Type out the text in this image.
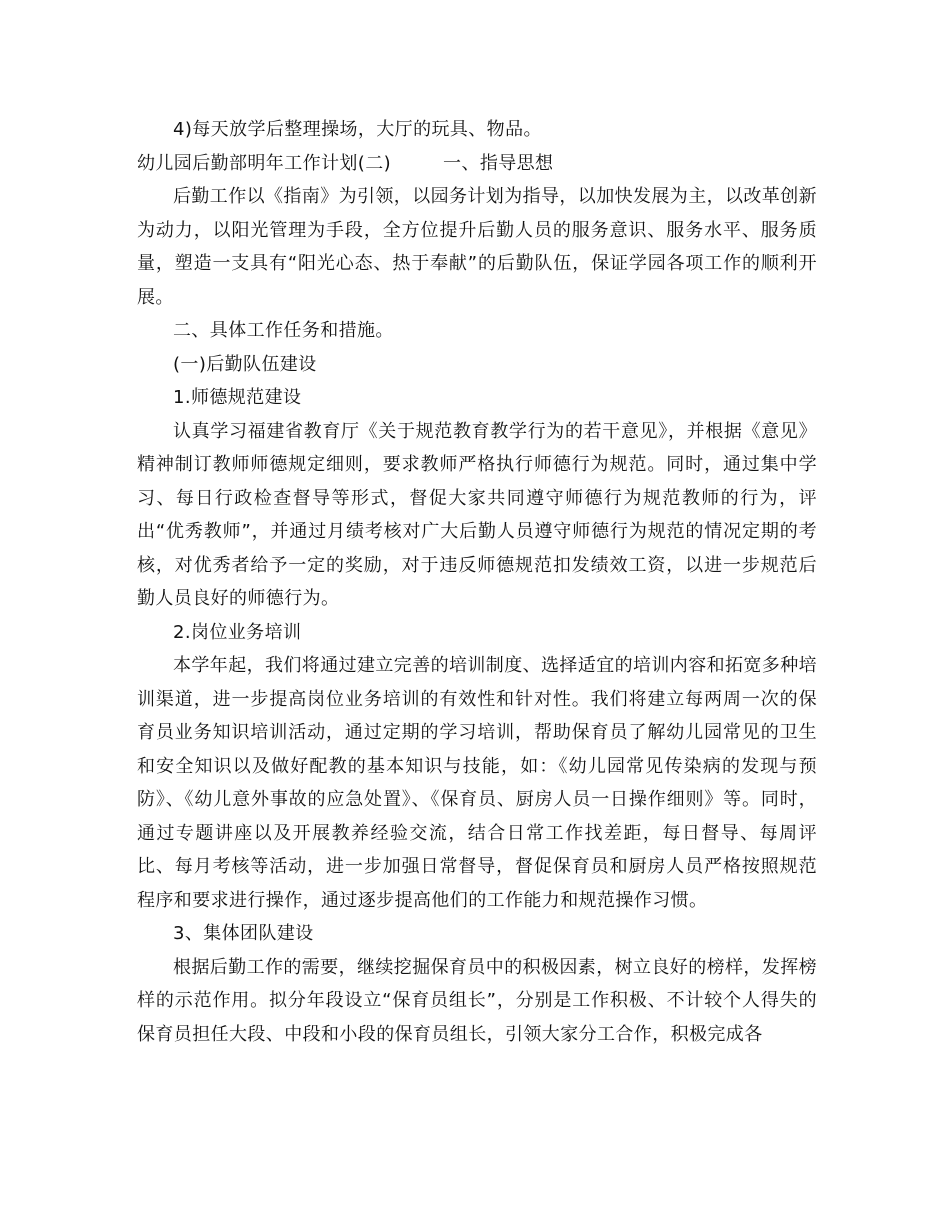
4)每天放学后整理操场，大厅的玩具、物品。

幼儿园后勤部明年工作计划(二)	一、指导思想

后勤工作以《指南》为引领，以园务计划为指导，以加快发展为主，以改革创新为动力，以阳光管理为手段，全方位提升后勤人员的服务意识、服务水平、服务质量，塑造一支具有“阳光心态、热于奉献”的后勤队伍，保证学园各项工作的顺利开展。

二、具体工作任务和措施。

(一)后勤队伍建设

1.师德规范建设

认真学习福建省教育厅《关于规范教育教学行为的若干意见》，并根据《意见》精神制订教师师德规定细则，要求教师严格执行师德行为规范。同时，通过集中学习、每日行政检查督导等形式，督促大家共同遵守师德行为规范教师的行为，评出“优秀教师”，并通过月绩考核对广大后勤人员遵守师德行为规范的情况定期的考核，对优秀者给予一定的奖励，对于违反师德规范扣发绩效工资，以进一步规范后勤人员良好的师德行为。

2.岗位业务培训

本学年起，我们将通过建立完善的培训制度、选择适宜的培训内容和拓宽多种培训渠道，进一步提高岗位业务培训的有效性和针对性。我们将建立每两周一次的保育员业务知识培训活动，通过定期的学习培训，帮助保育员了解幼儿园常见的卫生和安全知识以及做好配教的基本知识与技能，如：《幼儿园常见传染病的发现与预防》、《幼儿意外事故的应急处置》、《保育员、厨房人员一日操作细则》等。同时，通过专题讲座以及开展教养经验交流，结合日常工作找差距，每日督导、每周评比、每月考核等活动，进一步加强日常督导，督促保育员和厨房人员严格按照规范程序和要求进行操作，通过逐步提高他们的工作能力和规范操作习惯。

3、集体团队建设

根据后勤工作的需要，继续挖掘保育员中的积极因素，树立良好的榜样，发挥榜样的示范作用。拟分年段设立“保育员组长”，分别是工作积极、不计较个人得失的保育员担任大段、中段和小段的保育员组长，引领大家分工合作，积极完成各
